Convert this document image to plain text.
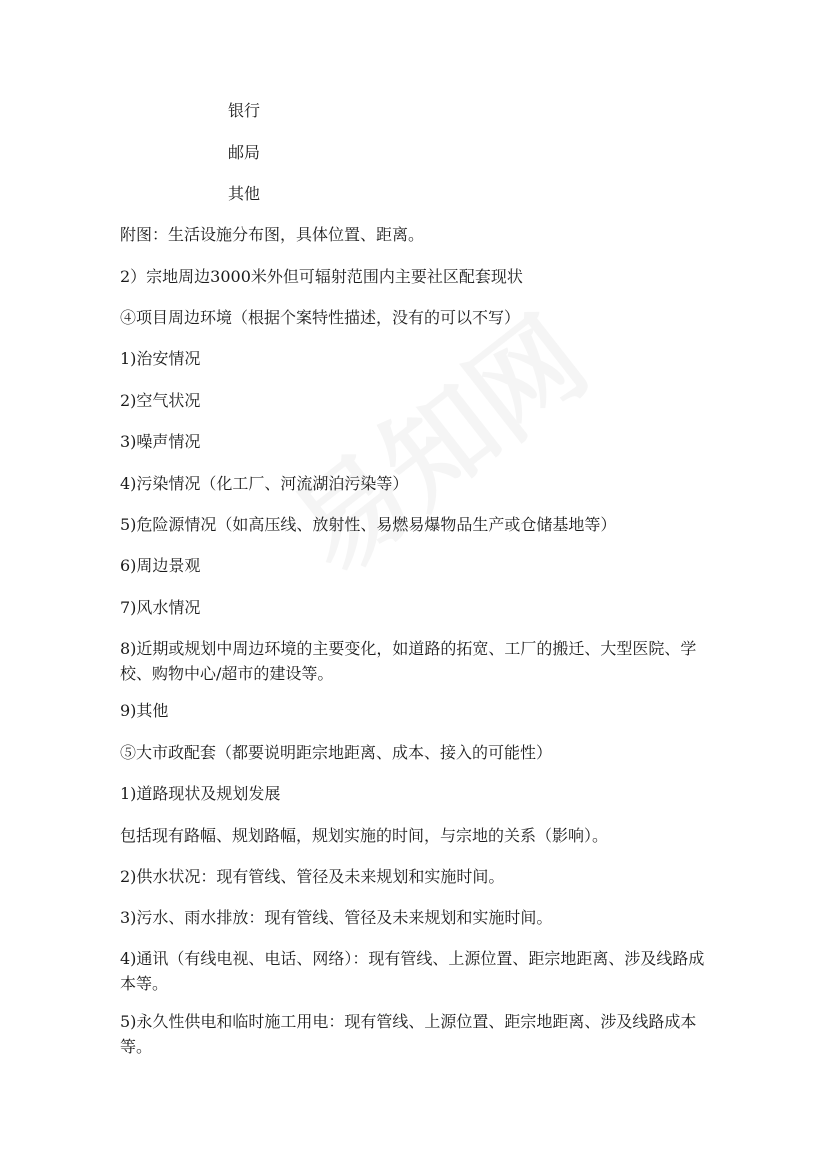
银行

邮局

其他

附图：生活设施分布图，具体位置、距离。

2）宗地周边3000米外但可辐射范围内主要社区配套现状

④项目周边环境（根据个案特性描述，没有的可以不写）

1)治安情况

2)空气状况

3)噪声情况

4)污染情况（化工厂、河流湖泊污染等）

5)危险源情况（如高压线、放射性、易燃易爆物品生产或仓储基地等）

6)周边景观

7)风水情况

8)近期或规划中周边环境的主要变化，如道路的拓宽、工厂的搬迁、大型医院、学校、购物中心/超市的建设等。

9)其他

⑤大市政配套（都要说明距宗地距离、成本、接入的可能性）

1)道路现状及规划发展

包括现有路幅、规划路幅，规划实施的时间，与宗地的关系（影响）。

2)供水状况：现有管线、管径及未来规划和实施时间。

3)污水、雨水排放：现有管线、管径及未来规划和实施时间。

4)通讯（有线电视、电话、网络）：现有管线、上源位置、距宗地距离、涉及线路成本等。

5)永久性供电和临时施工用电：现有管线、上源位置、距宗地距离、涉及线路成本等。
